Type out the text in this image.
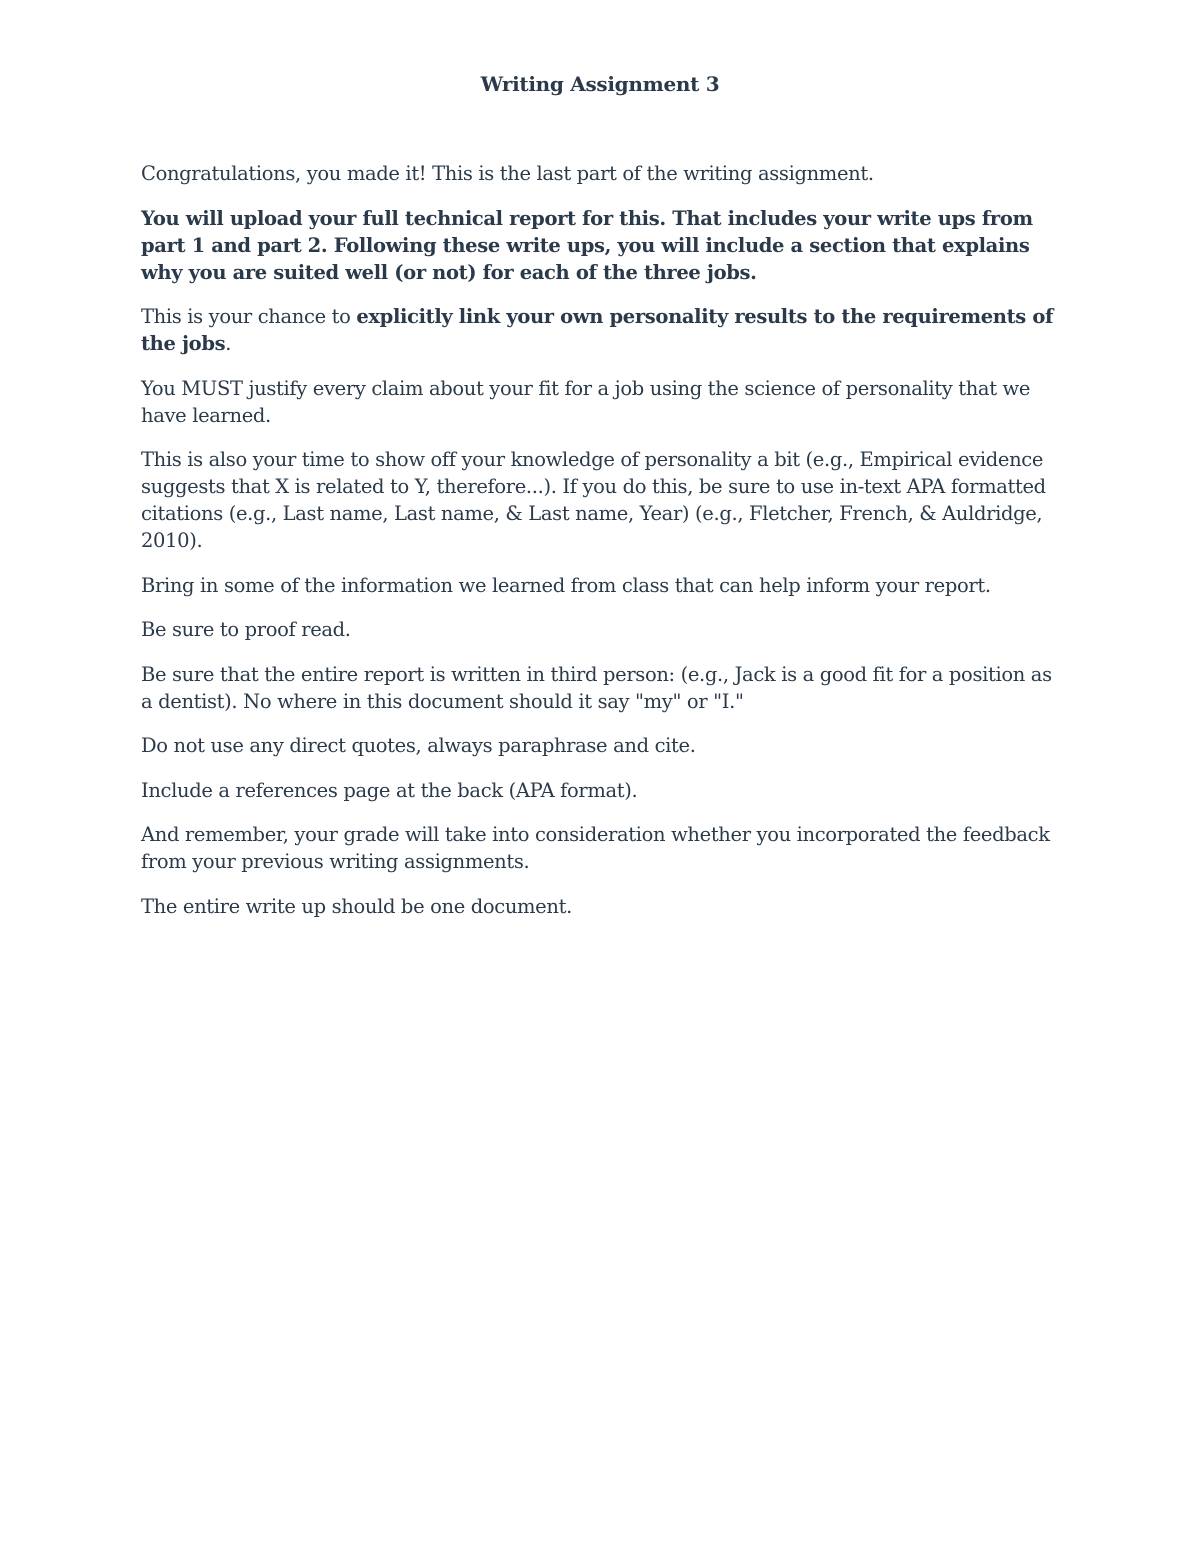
Writing Assignment 3

Congratulations, you made it! This is the last part of the writing assignment.

You will upload your full technical report for this. That includes your write ups from part 1 and part 2. Following these write ups, you will include a section that explains why you are suited well (or not) for each of the three jobs.

This is your chance to explicitly link your own personality results to the requirements of the jobs.

You MUST justify every claim about your fit for a job using the science of personality that we have learned.

This is also your time to show off your knowledge of personality a bit (e.g., Empirical evidence suggests that X is related to Y, therefore...). If you do this, be sure to use in-text APA formatted citations (e.g., Last name, Last name, & Last name, Year) (e.g., Fletcher, French, & Auldridge, 2010).

Bring in some of the information we learned from class that can help inform your report.

Be sure to proof read.

Be sure that the entire report is written in third person: (e.g., Jack is a good fit for a position as a dentist). No where in this document should it say "my" or "I."

Do not use any direct quotes, always paraphrase and cite.

Include a references page at the back (APA format).

And remember, your grade will take into consideration whether you incorporated the feedback from your previous writing assignments.

The entire write up should be one document.
